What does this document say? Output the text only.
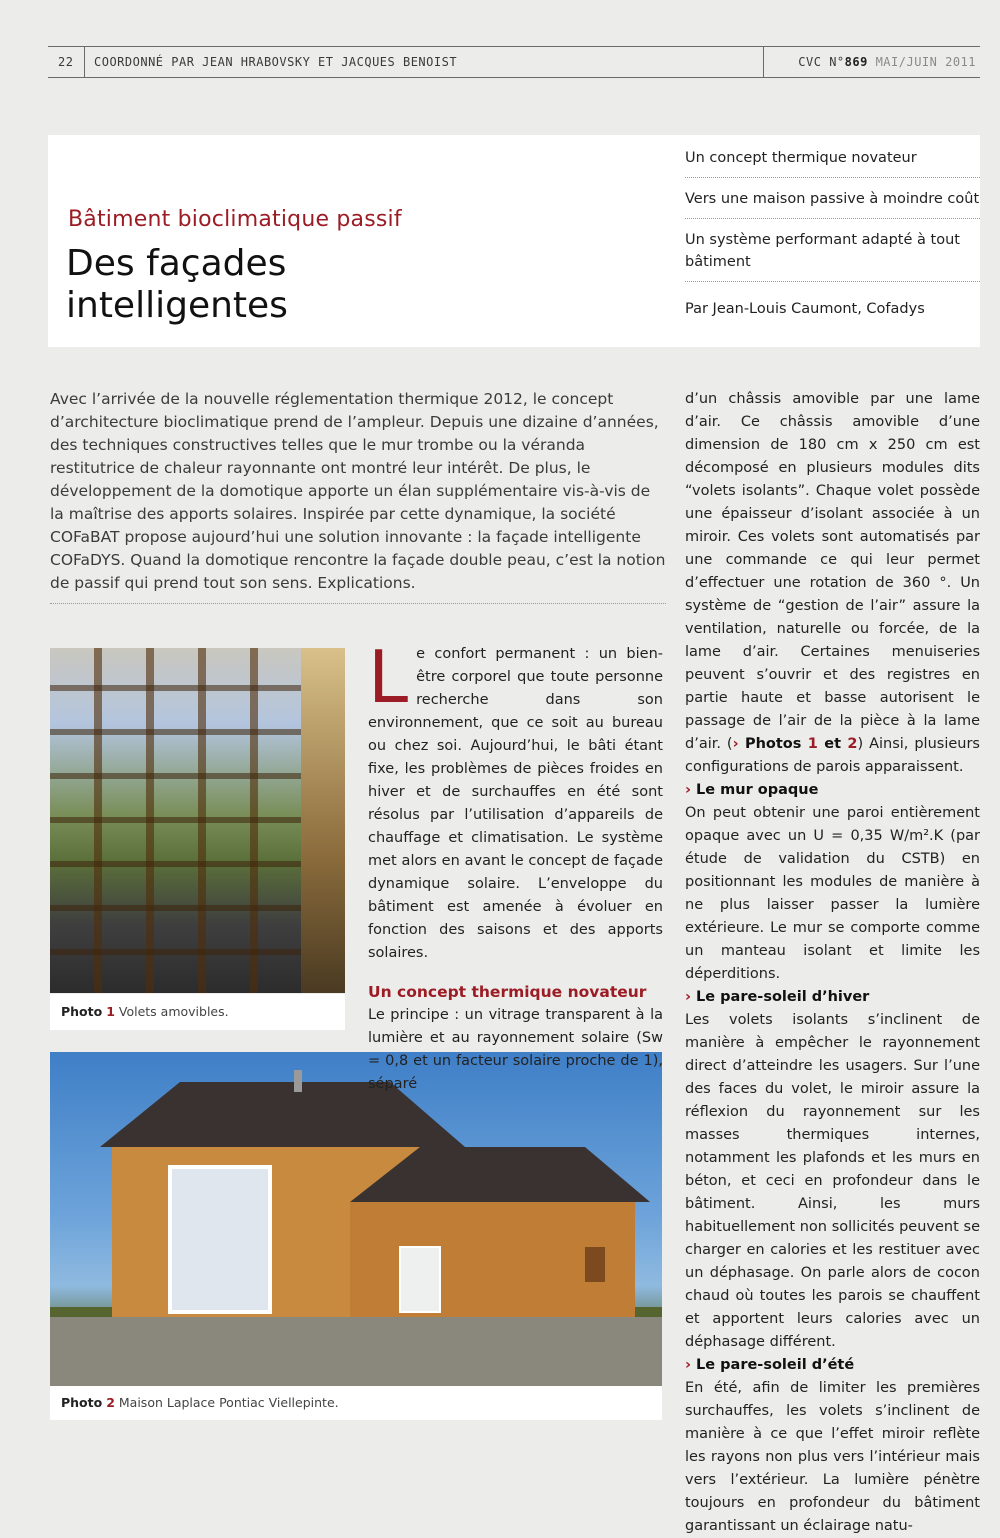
22 COORDONNÉ PAR JEAN HRABOVSKY ET JACQUES BENOIST	CVC N°869 MAI/JUIN 2011
Bâtiment bioclimatique passif
Des façades
intelligentes
Un concept thermique novateur
Vers une maison passive à moindre coût
Un système performant adapté à tout bâtiment
Par Jean-Louis Caumont, Cofadys
Avec l’arrivée de la nouvelle réglementation thermique 2012, le concept d’architecture bioclimatique prend de l’ampleur. Depuis une dizaine d’années, des techniques constructives telles que le mur trombe ou la véranda restitutrice de chaleur rayonnante ont montré leur intérêt. De plus, le développement de la domotique apporte un élan supplémentaire vis-à-vis de la maîtrise des apports solaires. Inspirée par cette dynamique, la société COFaBAT propose aujourd’hui une solution innovante : la façade intelligente COFaDYS. Quand la domotique rencontre la façade double peau, c’est la notion de passif qui prend tout son sens. Explications.
Photo 1 Volets amovibles.
Photo 2 Maison Laplace Pontiac Viellepinte.

Le confort permanent : un bien-être corporel que toute personne recherche dans son environnement, que ce soit au bureau ou chez soi. Aujourd’hui, le bâti étant fixe, les problèmes de pièces froides en hiver et de surchauffes en été sont résolus par l’utilisation d’appareils de chauffage et climatisation. Le système met alors en avant le concept de façade dynamique solaire. L’enveloppe du bâtiment est amenée à évoluer en fonction des saisons et des apports solaires.

Un concept thermique novateur

Le principe : un vitrage transparent à la lumière et au rayonnement solaire (Sw = 0,8 et un facteur solaire proche de 1), séparé

d’un châssis amovible par une lame d’air. Ce châssis amovible d’une dimension de 180 cm x 250 cm est décomposé en plusieurs modules dits “volets isolants”. Chaque volet possède une épaisseur d’isolant associée à un miroir. Ces volets sont automatisés par une commande ce qui leur permet d’effectuer une rotation de 360 °. Un système de “gestion de l’air” assure la ventilation, naturelle ou forcée, de la lame d’air. Certaines menuiseries peuvent s’ouvrir et des registres en partie haute et basse autorisent le passage de l’air de la pièce à la lame d’air. (› Photos 1 et 2) Ainsi, plusieurs configurations de parois apparaissent.

› Le mur opaque

On peut obtenir une paroi entièrement opaque avec un U = 0,35 W/m².K (par étude de validation du CSTB) en positionnant les modules de manière à ne plus laisser passer la lumière extérieure. Le mur se comporte comme un manteau isolant et limite les déperditions.

› Le pare-soleil d’hiver

Les volets isolants s’inclinent de manière à empêcher le rayonnement direct d’atteindre les usagers. Sur l’une des faces du volet, le miroir assure la réflexion du rayonnement sur les masses thermiques internes, notamment les plafonds et les murs en béton, et ceci en profondeur dans le bâtiment. Ainsi, les murs habituellement non sollicités peuvent se charger en calories et les restituer avec un déphasage. On parle alors de cocon chaud où toutes les parois se chauffent et apportent leurs calories avec un déphasage différent.

› Le pare-soleil d’été

En été, afin de limiter les premières surchauffes, les volets s’inclinent de manière à ce que l’effet miroir reflète les rayons non plus vers l’intérieur mais vers l’extérieur. La lumière pénètre toujours en profondeur du bâtiment garantissant un éclairage natu-
